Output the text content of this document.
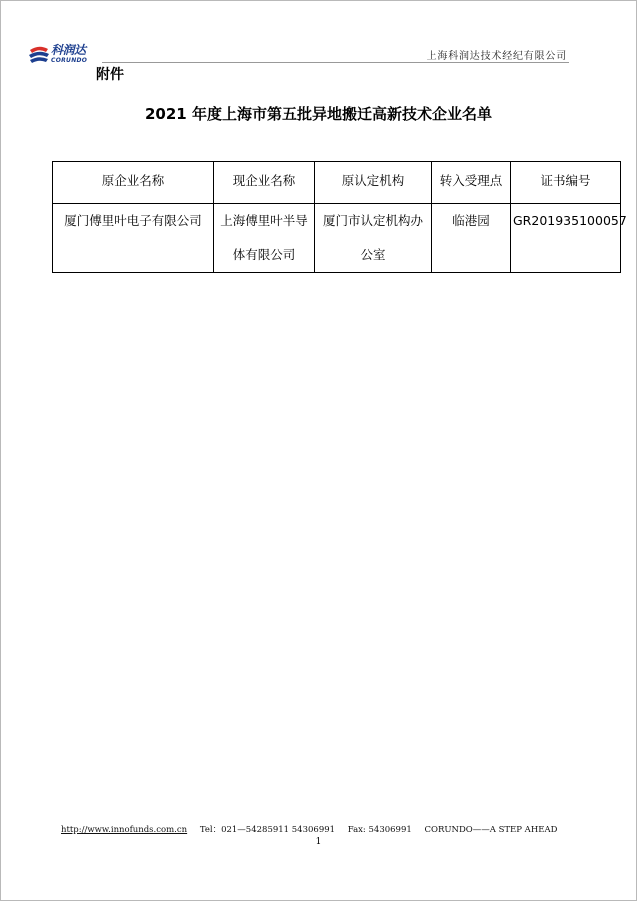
科润达
CORUNDO	上海科润达技术经纪有限公司
附件
2021 年度上海市第五批异地搬迁高新技术企业名单
原企业名称	现企业名称	原认定机构	转入受理点	证书编号

厦门傅里叶电子有限公司	上海傅里叶半导体有限公司	厦门市认定机构办公室	临港园	GR201935100057
http://www.innofunds.com.cn Tel：021—54285911 54306991 Fax: 54306991 CORUNDO——A STEP AHEAD
1
